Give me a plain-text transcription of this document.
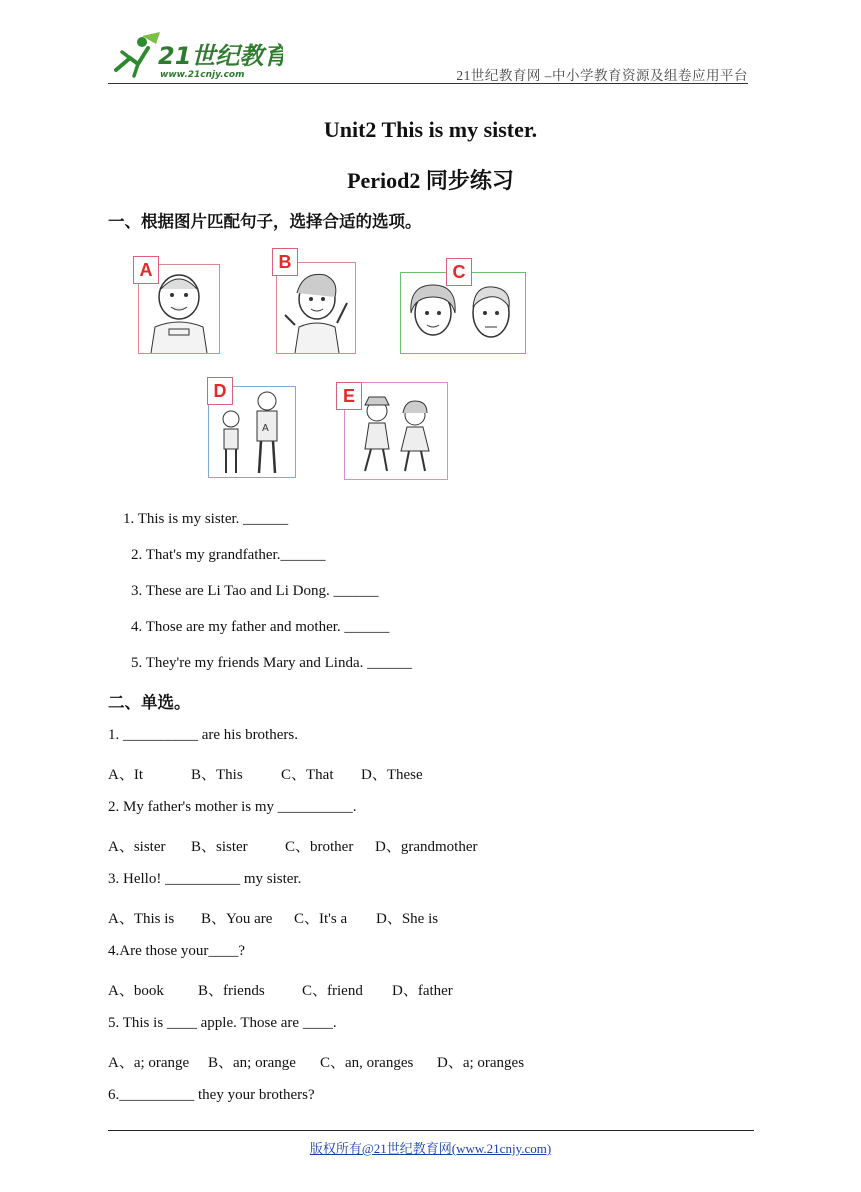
21世纪教育
www.21cnjy.com	21世纪教育网 –中小学教育资源及组卷应用平台
Unit2 This is my sister.
Period2 同步练习
一、根据图片匹配句子，选择合适的选项。
A	B	C
A
D	E
1. This is my sister. ______
2. That's my grandfather.______
3. These are Li Tao and Li Dong. ______
4. Those are my father and mother. ______
5. They're my friends Mary and Linda. ______
二、单选。
1. __________ are his brothers.
A、It	B、This	C、That D、These
2. My father's mother is my __________.
A、sister B、sister C、brother D、grandmother
3. Hello! __________ my sister.
A、This is B、You are C、It's a D、She is
4.Are those your____?
A、book B、friends C、friend D、father
5. This is ____ apple. Those are ____.
A、a; orange B、an; orange C、an, oranges D、a; oranges
6.__________ they your brothers?
版权所有@21世纪教育网(www.21cnjy.com)
